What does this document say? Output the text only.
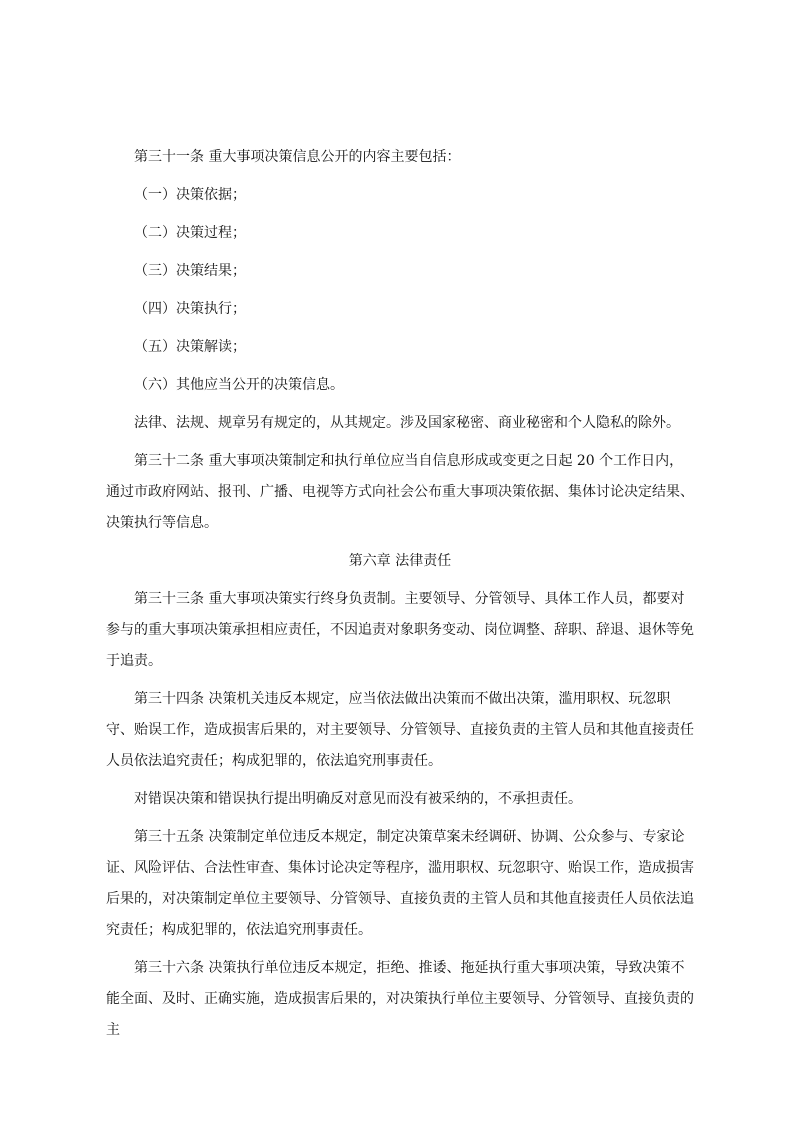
第三十一条 重大事项决策信息公开的内容主要包括：

（一）决策依据；

（二）决策过程；

（三）决策结果；

（四）决策执行；

（五）决策解读；

（六）其他应当公开的决策信息。

法律、法规、规章另有规定的，从其规定。涉及国家秘密、商业秘密和个人隐私的除外。

第三十二条 重大事项决策制定和执行单位应当自信息形成或变更之日起 20 个工作日内，通过市政府网站、报刊、广播、电视等方式向社会公布重大事项决策依据、集体讨论决定结果、决策执行等信息。

第六章 法律责任

第三十三条 重大事项决策实行终身负责制。主要领导、分管领导、具体工作人员，都要对参与的重大事项决策承担相应责任，不因追责对象职务变动、岗位调整、辞职、辞退、退休等免于追责。

第三十四条 决策机关违反本规定，应当依法做出决策而不做出决策，滥用职权、玩忽职守、贻误工作，造成损害后果的，对主要领导、分管领导、直接负责的主管人员和其他直接责任人员依法追究责任；构成犯罪的，依法追究刑事责任。

对错误决策和错误执行提出明确反对意见而没有被采纳的，不承担责任。

第三十五条 决策制定单位违反本规定，制定决策草案未经调研、协调、公众参与、专家论证、风险评估、合法性审查、集体讨论决定等程序，滥用职权、玩忽职守、贻误工作，造成损害后果的，对决策制定单位主要领导、分管领导、直接负责的主管人员和其他直接责任人员依法追究责任；构成犯罪的，依法追究刑事责任。

第三十六条 决策执行单位违反本规定，拒绝、推诿、拖延执行重大事项决策，导致决策不能全面、及时、正确实施，造成损害后果的，对决策执行单位主要领导、分管领导、直接负责的主
